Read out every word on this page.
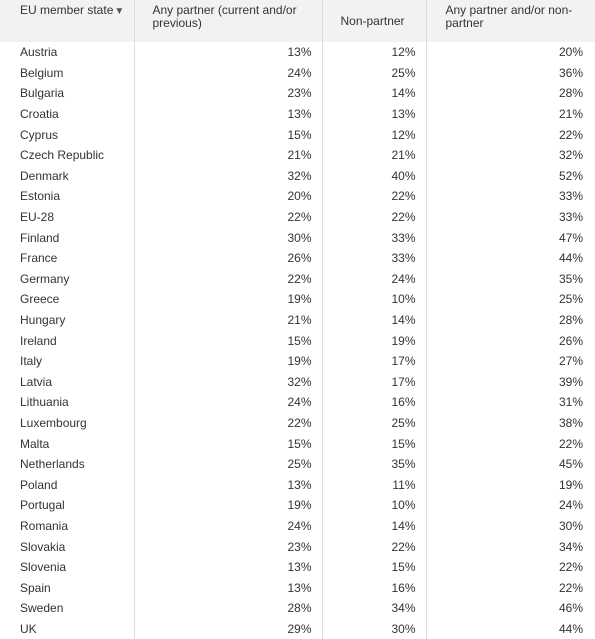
EU member state▼	Any partner (current and/or previous)	Non-partner	Any partner and/or non-partner
Austria	13%	12%	20%
Belgium	24%	25%	36%
Bulgaria	23%	14%	28%
Croatia	13%	13%	21%
Cyprus	15%	12%	22%
Czech Republic	21%	21%	32%
Denmark	32%	40%	52%
Estonia	20%	22%	33%
EU-28	22%	22%	33%
Finland	30%	33%	47%
France	26%	33%	44%
Germany	22%	24%	35%
Greece	19%	10%	25%
Hungary	21%	14%	28%
Ireland	15%	19%	26%
Italy	19%	17%	27%
Latvia	32%	17%	39%
Lithuania	24%	16%	31%
Luxembourg	22%	25%	38%
Malta	15%	15%	22%
Netherlands	25%	35%	45%
Poland	13%	11%	19%
Portugal	19%	10%	24%
Romania	24%	14%	30%
Slovakia	23%	22%	34%
Slovenia	13%	15%	22%
Spain	13%	16%	22%
Sweden	28%	34%	46%
UK	29%	30%	44%
